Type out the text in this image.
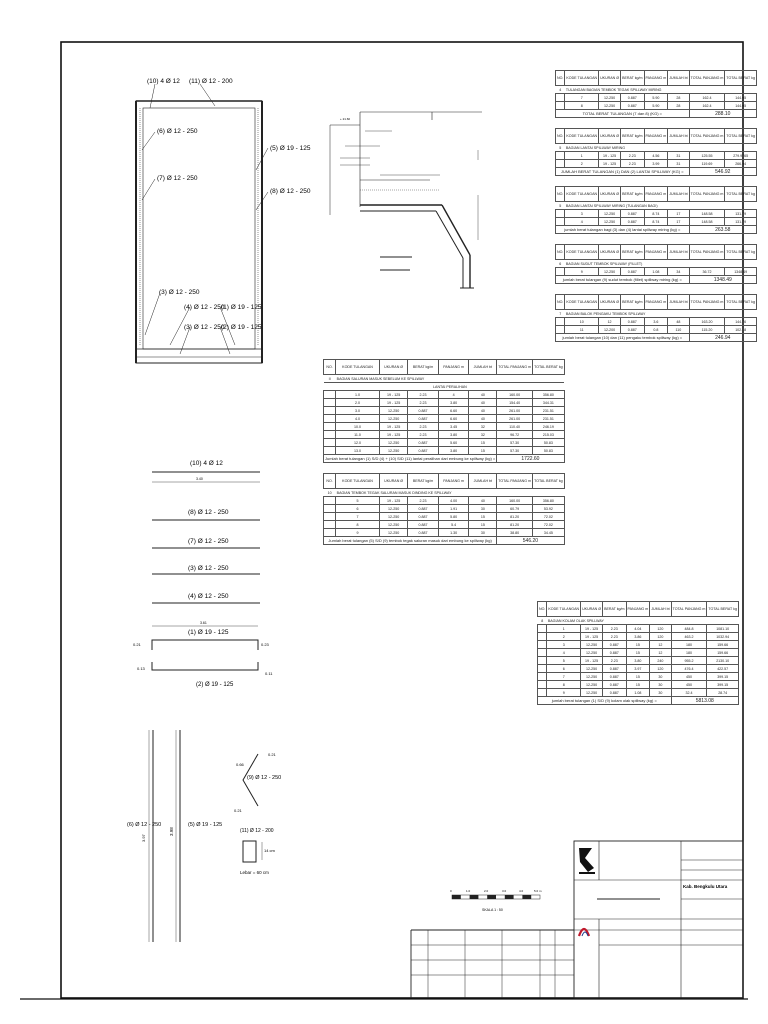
(10) 4 Ø 12 (11) Ø 12 - 200
(6) Ø 12 - 250
(7) Ø 12 - 250
(5) Ø 19 - 125
(8) Ø 12 - 250
(3) Ø 12 - 250
(4) Ø 12 - 250
(1) Ø 19 - 125
(3) Ø 12 - 250
(2) Ø 19 - 125
+ 21.60
(10) 4 Ø 12
3.40
(8) Ø 12 - 250
(7) Ø 12 - 250
(3) Ø 12 - 250
(4) Ø 12 - 250
3.61
(1) Ø 19 - 125
0.21	0.23
0.13
0.11
(2) Ø 19 - 125
(6) Ø 12 - 250
3.97
(5) Ø 19 - 125
3.98
0.21
0.66
(9) Ø 12 - 250
0.21
(11) Ø 12 - 200
14 cm
Lebar = 60 cm
0	1.0	2.0	3.0	4.0	5.0 m
SKALA 1 : 50
Kab. Bengkulu Utara
NO.	KODE TULANGAN	UKURAN Ø	BERAT kg/m	PANJANG m	JUMLAH bt	TOTAL PANJANG m	TOTAL BERAT kg
II	BAGIAN SALURAN MASUK SEBELUM KE SPILLWAY						
	LANTAI PERALIHAN						
	1.0	19 - 125	2.23	4	40	160.00	356.80
	2.0	19 - 125	2.23	3.80	40	154.40	344.31
	3.0	12-250	0.887	6.60	40	261.00	231.51
	4.0	12-250	0.887	6.60	40	261.00	231.51
	10.0	19 - 125	2.23	3.45	32	110.40	246.19
	11.0	19 - 125	2.23	3.80	32	96.72	215.03
	12.0	12-250	0.887	5.60	15	57.30	50.83
	13.0	12-250	0.887	3.80	15	57.30	50.83
Jumlah berat tulangan (1) S/D (4) + (10) S/D (11) lantai peralihan dari embung ke spillway (kg) =						1722.60	

NO.	KODE TULANGAN	UKURAN Ø	BERAT kg/m	PANJANG m	JUMLAH bt	TOTAL PANJANG m	TOTAL BERAT kg
10	BAGIAN TEMBOK TEGAK SALURAN MASUK DINDING KE SPILLWAY						
	5	19 - 125	2.23	4.00	40	160.00	356.80
	6	12-250	0.887	1.91	30	60.79	53.92
	7	12-250	0.887	5.80	15	81.20	72.02
	8	12-250	0.887	5.4	15	81.20	72.02
	9	12-250	0.887	1.30	30	38.80	34.45
Jumlah berat tulangan (5) S/D (9) tembok tegak saluran masuk dari embung ke spillway (kg)						546.20	

NO.	KODE TULANGAN	UKURAN Ø	BERAT kg/m	PANJANG m	JUMLAH bt	TOTAL PANJANG m	TOTAL BERAT kg
4	TULANGAN BAGIAN TEMBOK TEGAK SPILLWAY MIRING						
	7	12-250	0.887	5.90	28	162.4	144.05
	8	12-250	0.887	5.90	28	162.4	144.05
TOTAL BERAT TULANGAN (7 dan 8) (KG) =						288.10	

NO.	KODE TULANGAN	UKURAN Ø	BERAT kg/m	PANJANG m	JUMLAH bt	TOTAL PANJANG m	TOTAL BERAT kg
5	BAGIAN LANTAI SPILLWAY MIRING						
	1	19 - 125	2.23	4.56	31	125.55	279.9765
	2	19 - 125	2.23	3.99	31	119.69	266.94
JUMLAH BERAT TULANGAN (1) DAN (2) LANTAI SPILLWAY (KG) =						546.92	

NO.	KODE TULANGAN	UKURAN Ø	BERAT kg/m	PANJANG m	JUMLAH bt	TOTAL PANJANG m	TOTAL BERAT kg
5	BAGIAN LANTAI SPILLWAY MIRING (TULANGAN BAGI)						
	3	12-250	0.887	8.74	17	148.58	131.79
	4	12-250	0.887	8.74	17	148.58	131.79
jumlah berat tulangan bagi (3) dan (4) lantai spillway miring (kg) =						263.58	

NO.	KODE TULANGAN	UKURAN Ø	BERAT kg/m	PANJANG m	JUMLAH bt	TOTAL PANJANG m	TOTAL BERAT kg
6	BAGIAN SUDUT TEMBOK SPILLWAY (FILLET)						
	9	12-250	0.887	1.08	34	36.72	1348.49
jumlah berat tulangan (9) sudut tembok (fillet) spillway miring (kg) =						1348.49	

NO.	KODE TULANGAN	UKURAN Ø	BERAT kg/m	PANJANG m	JUMLAH bt	TOTAL PANJANG m	TOTAL BERAT kg
7	BAGIAN BALOK PENGAKU TEMBOK SPILLWAY						
	10	12	0.887	3.6	48	163.20	144.76
	11	12-200	0.887	0.8	110	115.20	102.18
jumlah berat tulangan (10) dan (11) pengaku tembok spillway (kg) =						246.94	

NO.	KODE TULANGAN	UKURAN Ø	BERAT kg/m	PANJANG m	JUMLAH bt	TOTAL PANJANG m	TOTAL BERAT kg
8	BAGIAN KOLAM OLAK SPILLWAY						
	1	19 - 125	2.23	4.04	120	484.8	1081.10
	2	19 - 125	2.23	3.86	120	463.2	1032.94
	3	12-250	0.887	15	12	180	159.66
	4	12-250	0.887	15	12	180	159.66
	5	19 - 125	2.23	3.80	240	955.2	2130.10
	6	12-250	0.887	3.97	120	476.4	422.57
	7	12-250	0.887	15	30	450	399.15
	8	12-250	0.887	15	30	450	399.15
	9	12-250	0.887	1.08	30	32.4	28.74
jumlah berat tulangan (1) S/D (9) kolam olak spillway (kg) =						5813.08	
